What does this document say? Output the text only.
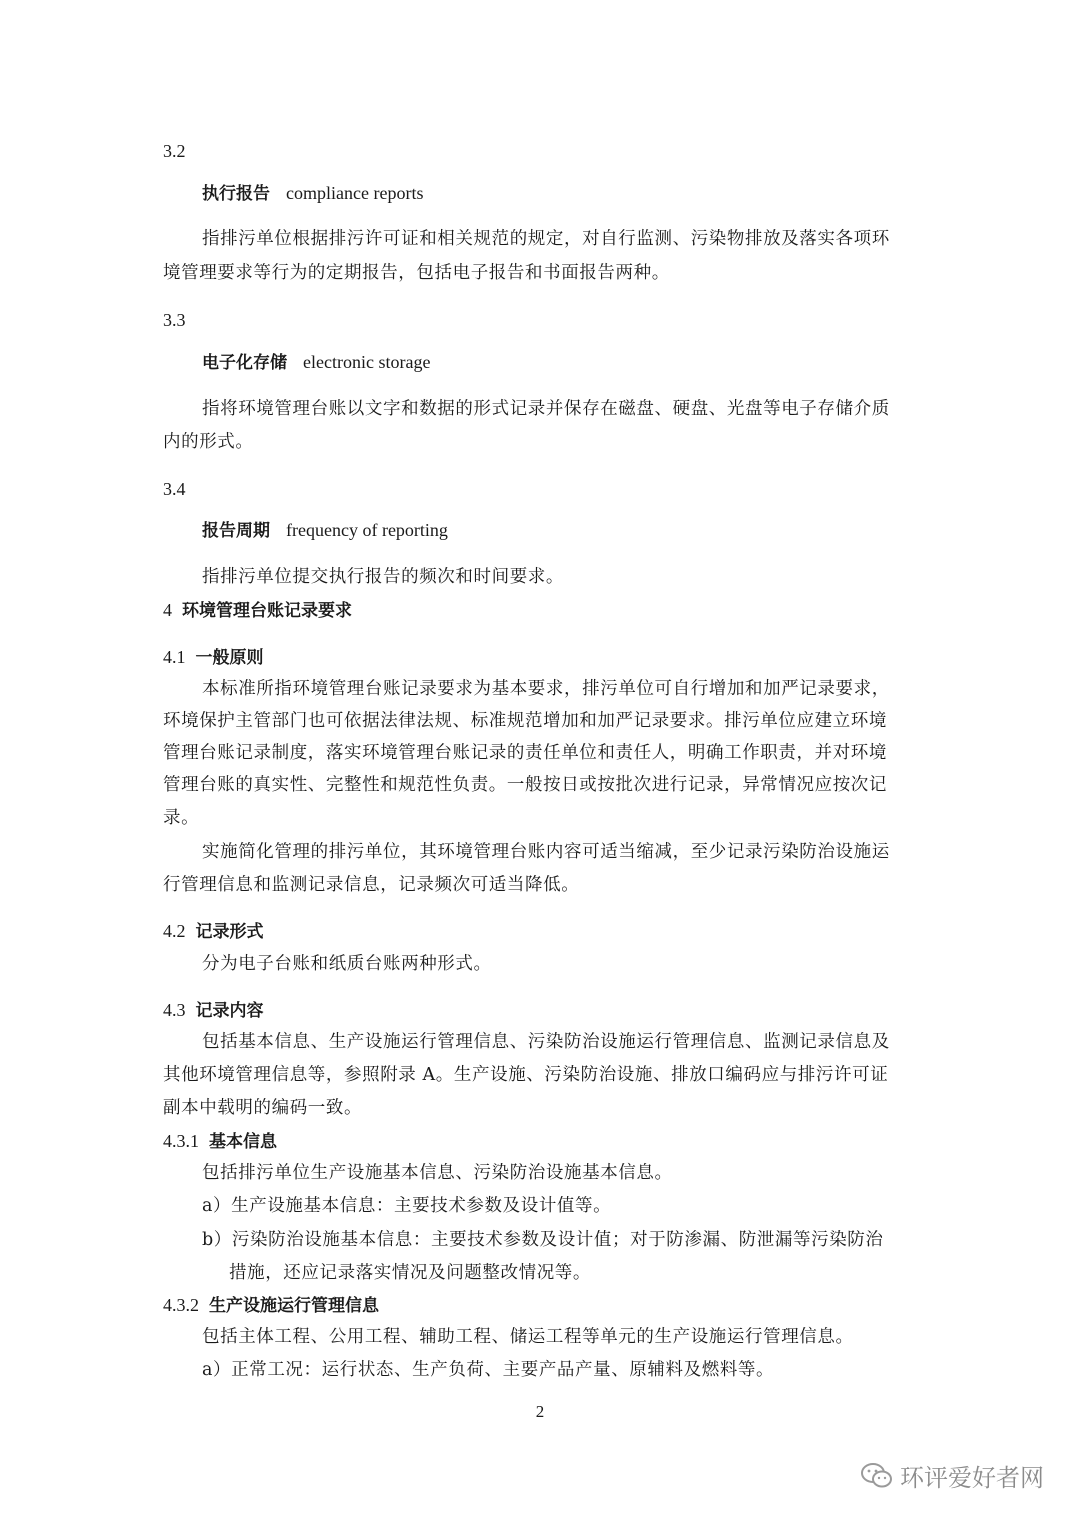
3.2
执行报告 compliance reports
指排污单位根据排污许可证和相关规范的规定，对自行监测、污染物排放及落实各项环
境管理要求等行为的定期报告，包括电子报告和书面报告两种。
3.3
电子化存储 electronic storage
指将环境管理台账以文字和数据的形式记录并保存在磁盘、硬盘、光盘等电子存储介质
内的形式。
3.4
报告周期 frequency of reporting
指排污单位提交执行报告的频次和时间要求。
4 环境管理台账记录要求
4.1 一般原则
本标准所指环境管理台账记录要求为基本要求，排污单位可自行增加和加严记录要求，
环境保护主管部门也可依据法律法规、标准规范增加和加严记录要求。排污单位应建立环境
管理台账记录制度，落实环境管理台账记录的责任单位和责任人，明确工作职责，并对环境
管理台账的真实性、完整性和规范性负责。一般按日或按批次进行记录，异常情况应按次记
录。
实施简化管理的排污单位，其环境管理台账内容可适当缩减，至少记录污染防治设施运
行管理信息和监测记录信息，记录频次可适当降低。
4.2 记录形式
分为电子台账和纸质台账两种形式。
4.3 记录内容
包括基本信息、生产设施运行管理信息、污染防治设施运行管理信息、监测记录信息及
其他环境管理信息等，参照附录 A。生产设施、污染防治设施、排放口编码应与排污许可证
副本中载明的编码一致。
4.3.1 基本信息
包括排污单位生产设施基本信息、污染防治设施基本信息。
a）生产设施基本信息：主要技术参数及设计值等。
b）污染防治设施基本信息：主要技术参数及设计值；对于防渗漏、防泄漏等污染防治
措施，还应记录落实情况及问题整改情况等。
4.3.2 生产设施运行管理信息
包括主体工程、公用工程、辅助工程、储运工程等单元的生产设施运行管理信息。
a）正常工况：运行状态、生产负荷、主要产品产量、原辅料及燃料等。
2
环评爱好者网
